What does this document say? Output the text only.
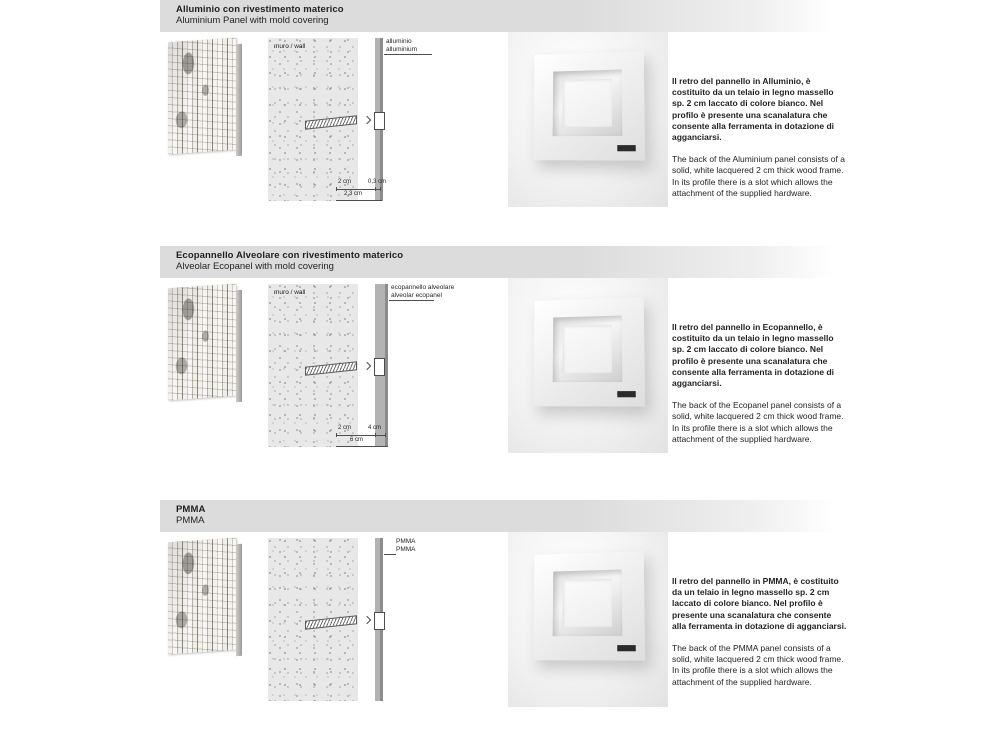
Alluminio con rivestimento materico
Aluminium Panel with mold covering
muro / wall
alluminio
alluminium
2 cm	0,3 cm
2,3 cm

Il retro del pannello in Alluminio, è costituito da un telaio in legno massello sp. 2 cm laccato di colore bianco. Nel profilo è presente una scanalatura che consente alla ferramenta in dotazione di agganciarsi.

The back of the Aluminium panel consists of a solid, white lacquered 2 cm thick wood frame. In its profile there is a slot which allows the attachment of the supplied hardware.

Ecopannello Alveolare con rivestimento materico
Alveolar Ecopanel with mold covering
muro / wall
ecopannello alveolare
alveolar ecopanel
2 cm	4 cm
6 cm

Il retro del pannello in Ecopannello, è costituito da un telaio in legno massello sp. 2 cm laccato di colore bianco. Nel profilo è presente una scanalatura che consente alla ferramenta in dotazione di agganciarsi.

The back of the Ecopanel panel consists of a solid, white lacquered 2 cm thick wood frame. In its profile there is a slot which allows the attachment of the supplied hardware.

PMMA
PMMA
PMMA
PMMA

Il retro del pannello in PMMA, è costituito da un telaio in legno massello sp. 2 cm laccato di colore bianco. Nel profilo è presente una scanalatura che consente alla ferramenta in dotazione di agganciarsi.

The back of the PMMA panel consists of a solid, white lacquered 2 cm thick wood frame. In its profile there is a slot which allows the attachment of the supplied hardware.
